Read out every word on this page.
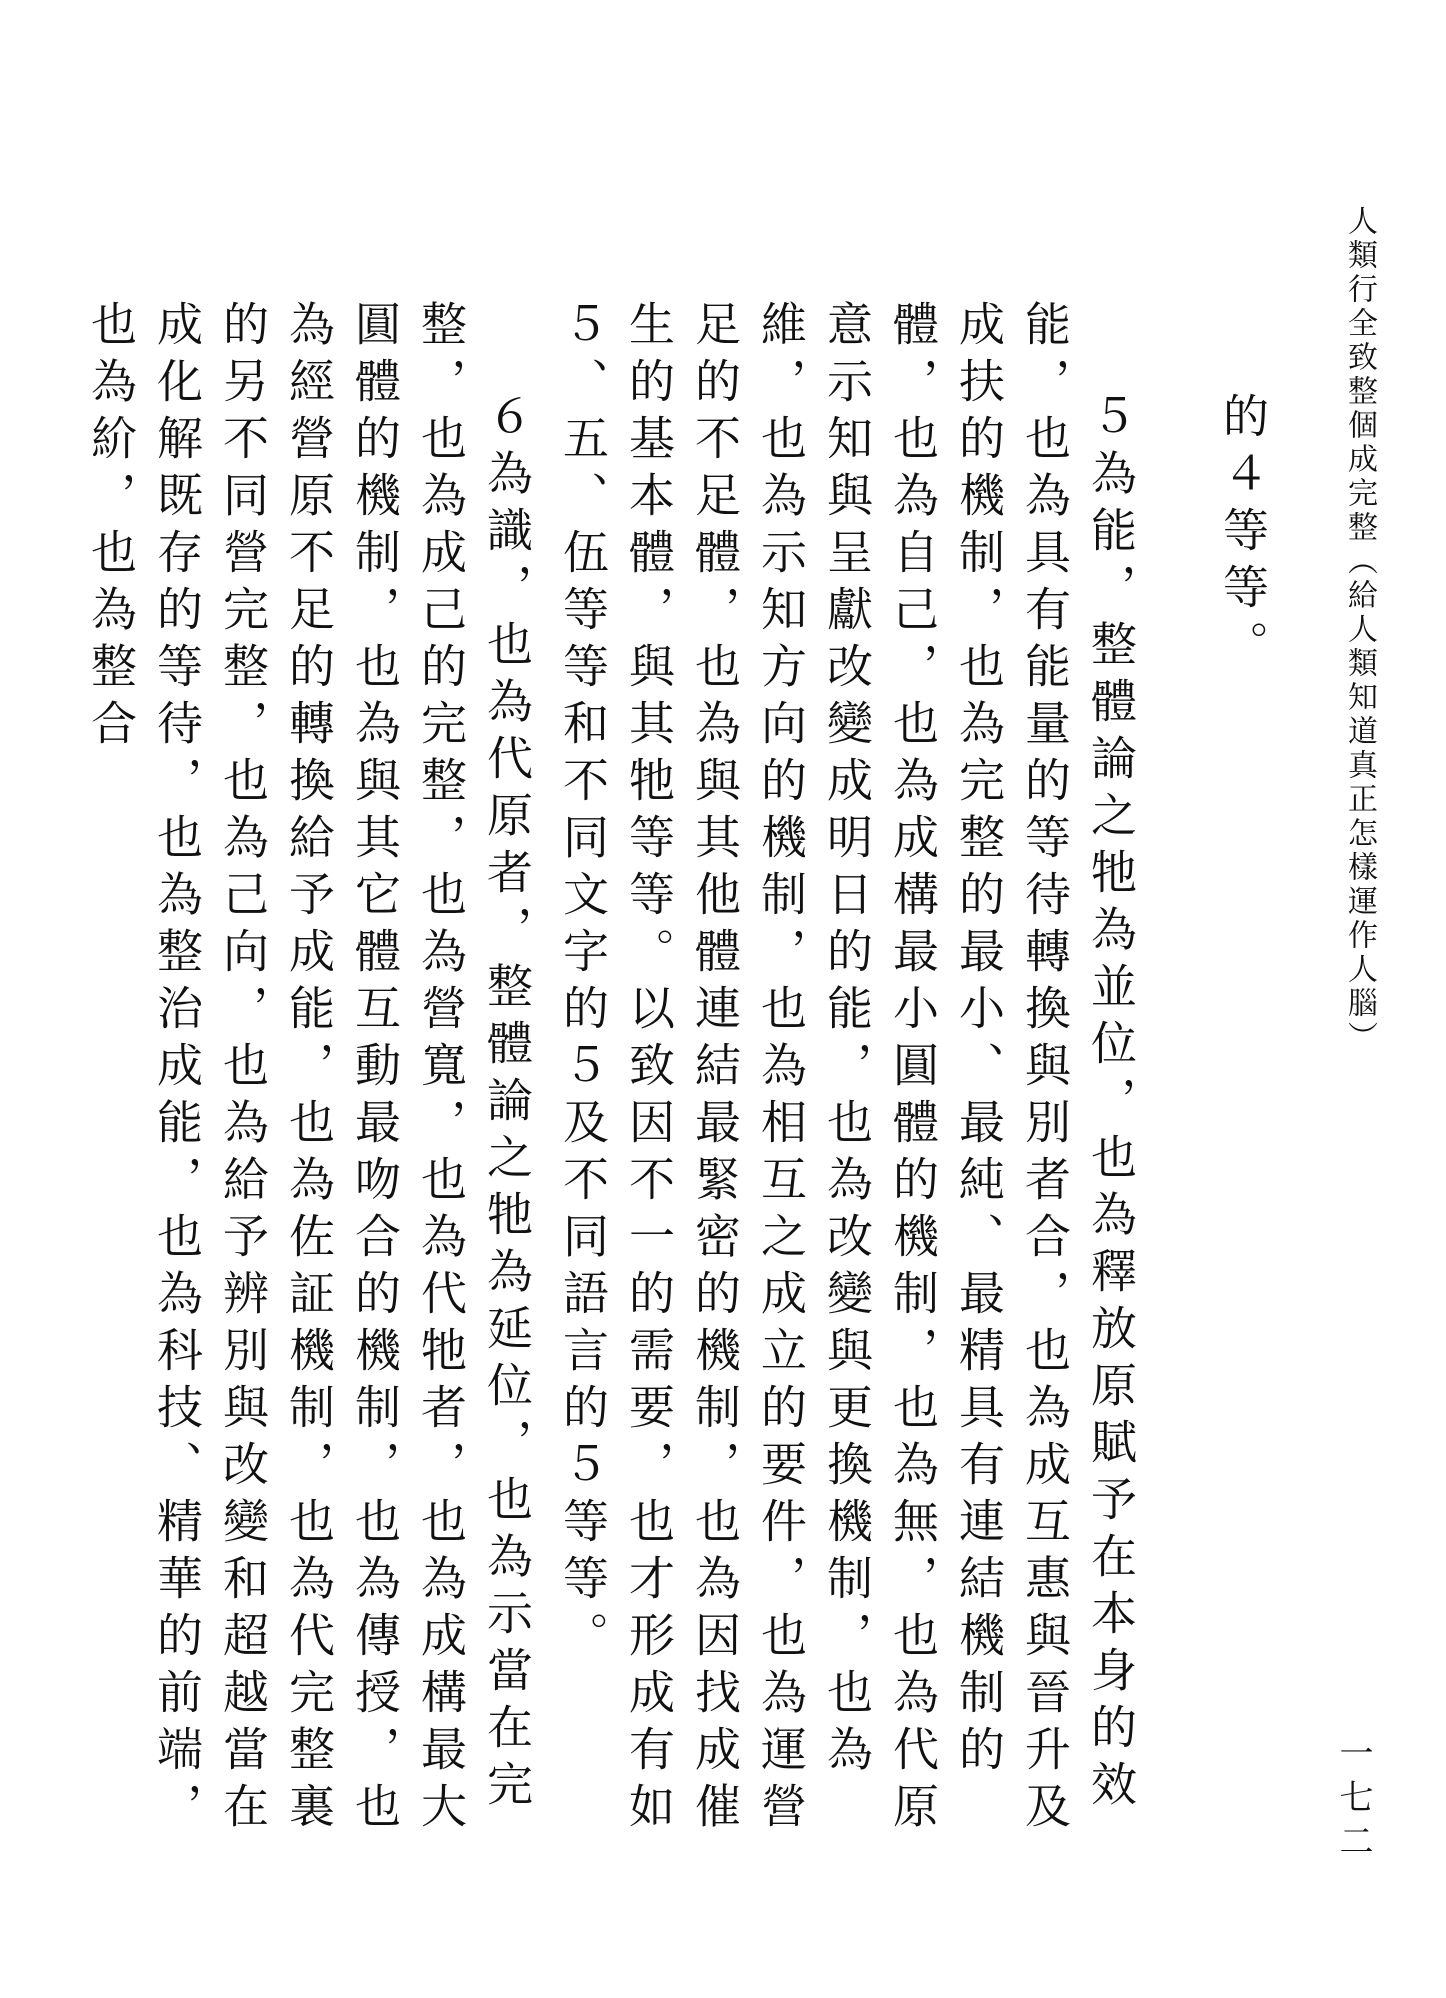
人類行全致整個成完整（給人類知道真正怎樣運作人腦）

的４等等。

５為能，整體論之牠為並位，也為釋放原賦予在本身的效能，也為具有能量的等待轉換與別者合，也為成互惠與晉升及成扶的機制，也為完整的最小、最純、最精具有連結機制的體，也為自己，也為成構最小圓體的機制，也為無，也為代原意示知與呈獻改變成明日的能，也為改變與更換機制，也為維，也為示知方向的機制，也為相互之成立的要件，也為運營足的不足體，也為與其他體連結最緊密的機制，也為因找成催生的基本體，與其牠等等。以致因不一的需要，也才形成有如５、五、伍等等和不同文字的５及不同語言的５等等。

６為識，也為代原者，整體論之牠為延位，也為示當在完整，也為成己的完整，也為營寬，也為代牠者，也為成構最大圓體的機制，也為與其它體互動最吻合的機制，也為傳授，也為經營原不足的轉換給予成能，也為佐証機制，也為代完整裏的另不同營完整，也為己向，也為給予辨別與改變和超越當在成化解既存的等待，也為整治成能，也為科技、精華的前端，也為紒，也為整合

一七二
